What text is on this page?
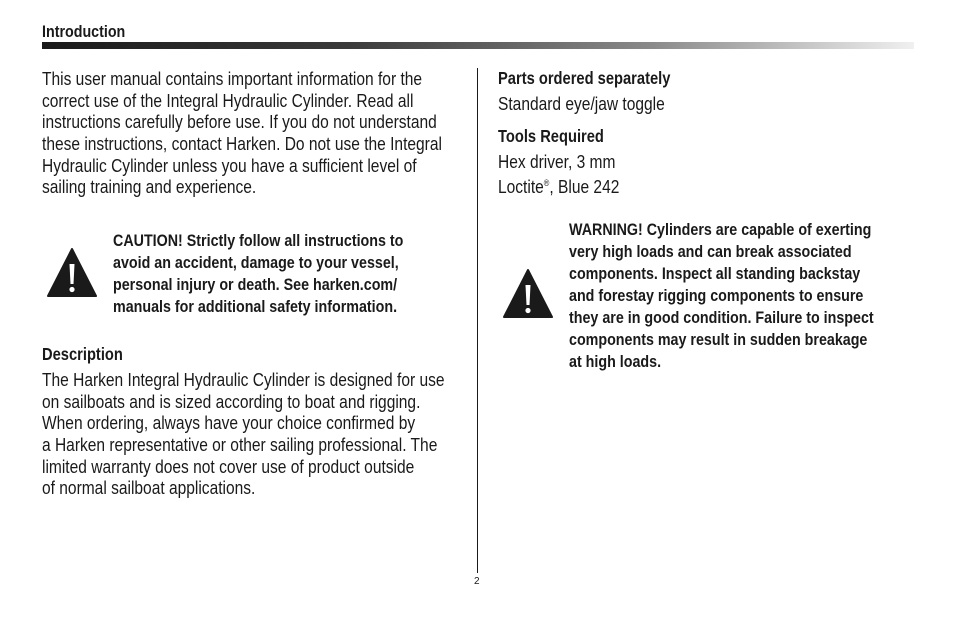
Introduction
This user manual contains important information for the
correct use of the Integral Hydraulic Cylinder. Read all
instructions carefully before use. If you do not understand
these instructions, contact Harken. Do not use the Integral
Hydraulic Cylinder unless you have a sufficient level of
sailing training and experience.
CAUTION! Strictly follow all instructions to
avoid an accident, damage to your vessel,
personal injury or death. See harken.com/
manuals for additional safety information.
Description
The Harken Integral Hydraulic Cylinder is designed for use
on sailboats and is sized according to boat and rigging.
When ordering, always have your choice confirmed by
a Harken representative or other sailing professional. The
limited warranty does not cover use of product outside
of normal sailboat applications.
2
Parts ordered separately
Standard eye/jaw toggle
Tools Required
Hex driver, 3 mm
Loctite®, Blue 242
WARNING! Cylinders are capable of exerting
very high loads and can break associated
components. Inspect all standing backstay
and forestay rigging components to ensure
they are in good condition. Failure to inspect
components may result in sudden breakage
at high loads.
